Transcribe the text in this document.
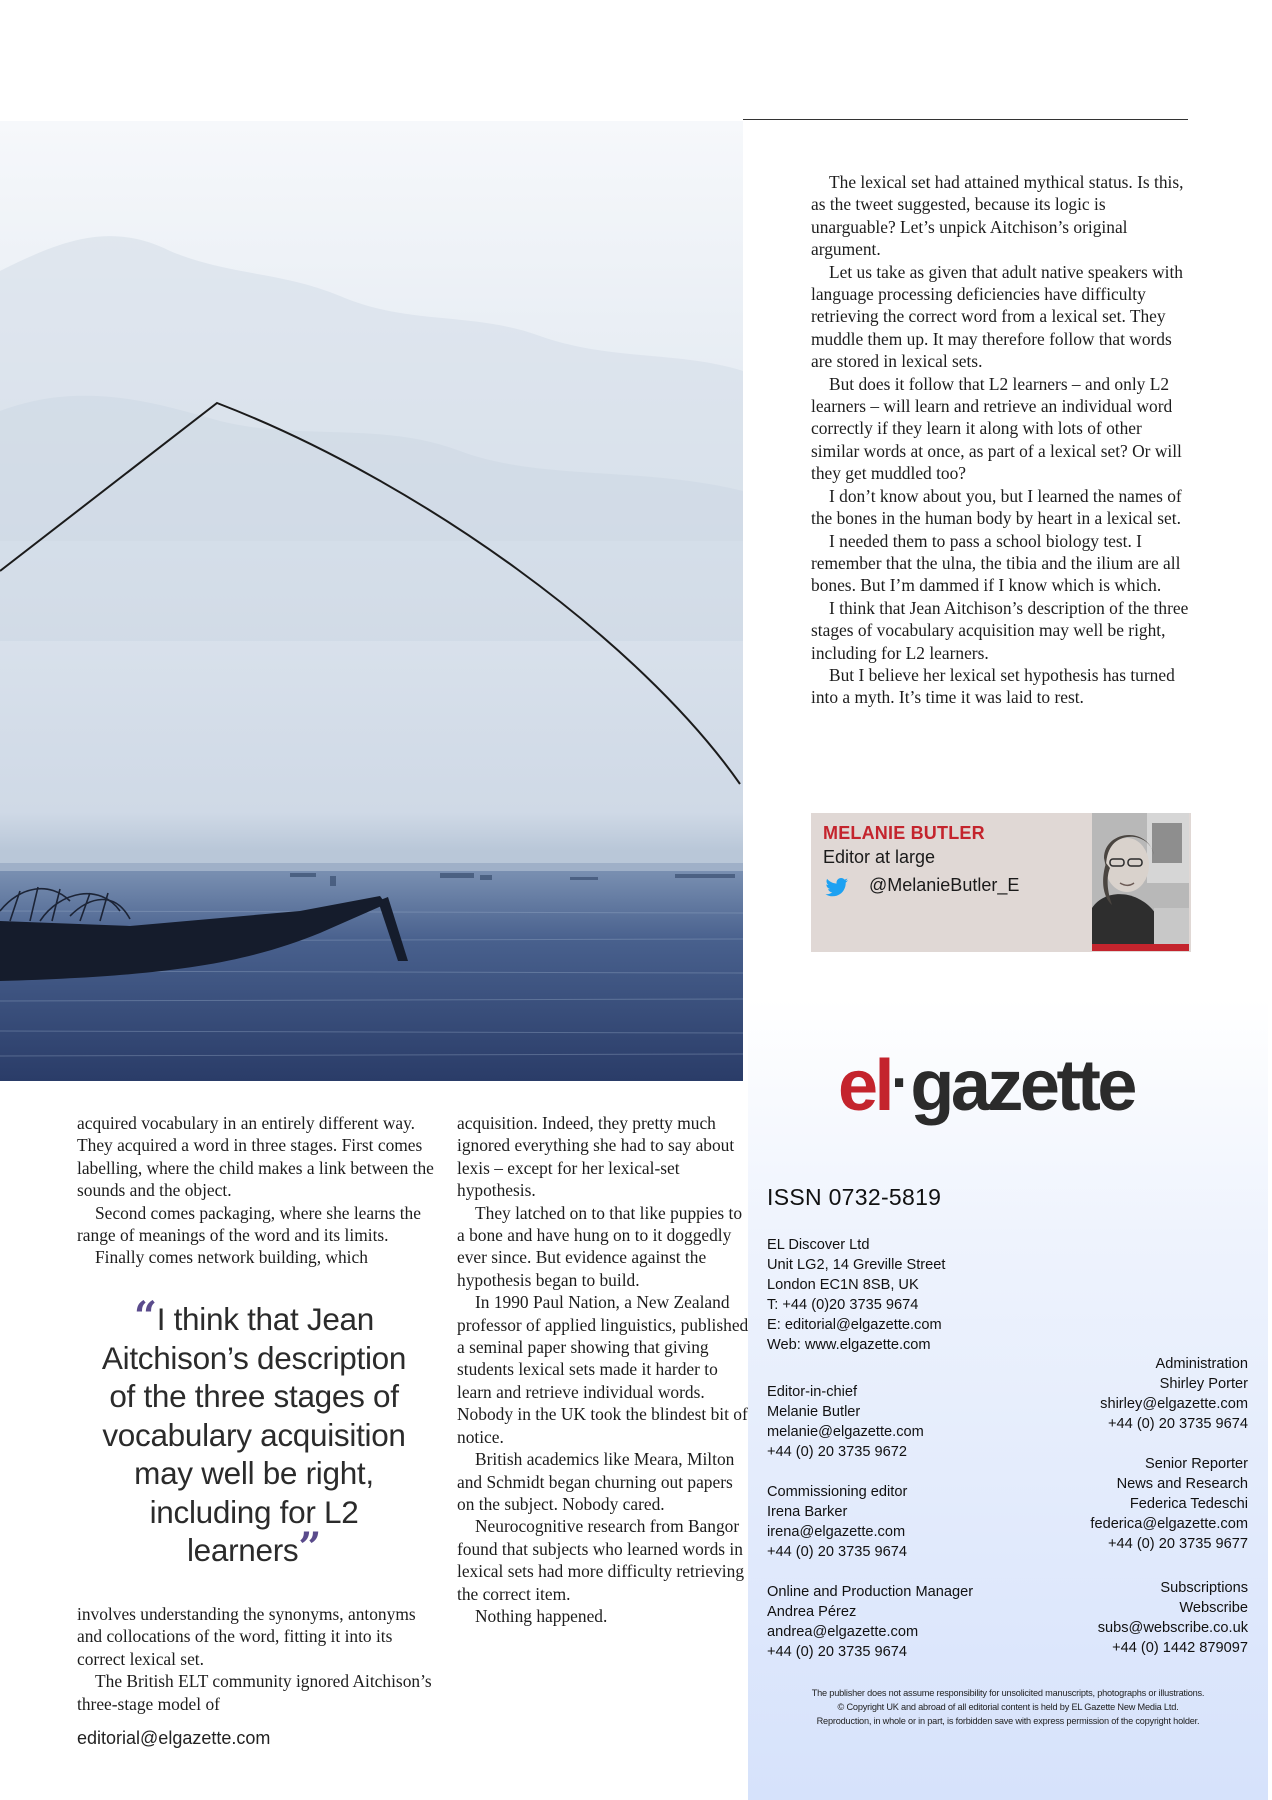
The lexical set had attained mythical status. Is this, as the tweet suggested, because its logic is unarguable? Let’s unpick Aitchison’s original argument.

Let us take as given that adult native speakers with language processing deficiencies have difficulty retrieving the correct word from a lexical set. They muddle them up. It may therefore follow that words are stored in lexical sets.

But does it follow that L2 learners – and only L2 learners – will learn and retrieve an individual word correctly if they learn it along with lots of other similar words at once, as part of a lexical set? Or will they get muddled too?

I don’t know about you, but I learned the names of the bones in the human body by heart in a lexical set.

I needed them to pass a school biology test. I remember that the ulna, the tibia and the ilium are all bones. But I’m dammed if I know which is which.

I think that Jean Aitchison’s description of the three stages of vocabulary acquisition may well be right, including for L2 learners.

But I believe her lexical set hypothesis has turned into a myth. It’s time it was laid to rest.

MELANIE BUTLER
Editor at large
@MelanieButler_E

acquired vocabulary in an entirely different way. They acquired a word in three stages. First comes labelling, where the child makes a link between the sounds and the object.

Second comes packaging, where she learns the range of meanings of the word and its limits.

Finally comes network building, which

“I think that Jean Aitchison’s description of the three stages of vocabulary acquisition may well be right, including for L2 learners”

involves understanding the synonyms, antonyms and collocations of the word, fitting it into its correct lexical set.

The British ELT community ignored Aitchison’s three-stage model of

acquisition. Indeed, they pretty much ignored everything she had to say about lexis – except for her lexical-set hypothesis.

They latched on to that like puppies to a bone and have hung on to it doggedly ever since. But evidence against the hypothesis began to build.

In 1990 Paul Nation, a New Zealand professor of applied linguistics, published a seminal paper showing that giving students lexical sets made it harder to learn and retrieve individual words. Nobody in the UK took the blindest bit of notice.

British academics like Meara, Milton and Schmidt began churning out papers on the subject. Nobody cared.

Neurocognitive research from Bangor found that subjects who learned words in lexical sets had more difficulty retrieving the correct item.

Nothing happened.

editorial@elgazette.com
el·gazette
ISSN 0732-5819
EL Discover Ltd
Unit LG2, 14 Greville Street
London EC1N 8SB, UK
T: +44 (0)20 3735 9674
E: editorial@elgazette.com
Web: www.elgazette.com
Editor-in-chief
Melanie Butler
melanie@elgazette.com
+44 (0) 20 3735 9672
Commissioning editor
Irena Barker
irena@elgazette.com
+44 (0) 20 3735 9674
Online and Production Manager
Andrea Pérez
andrea@elgazette.com
+44 (0) 20 3735 9674
Administration
Shirley Porter
shirley@elgazette.com
+44 (0) 20 3735 9674
Senior Reporter
News and Research
Federica Tedeschi
federica@elgazette.com
+44 (0) 20 3735 9677
Subscriptions
Webscribe
subs@webscribe.co.uk
+44 (0) 1442 879097
The publisher does not assume responsibility for unsolicited manuscripts, photographs or illustrations.
© Copyright UK and abroad of all editorial content is held by EL Gazette New Media Ltd.
Reproduction, in whole or in part, is forbidden save with express permission of the copyright holder.
